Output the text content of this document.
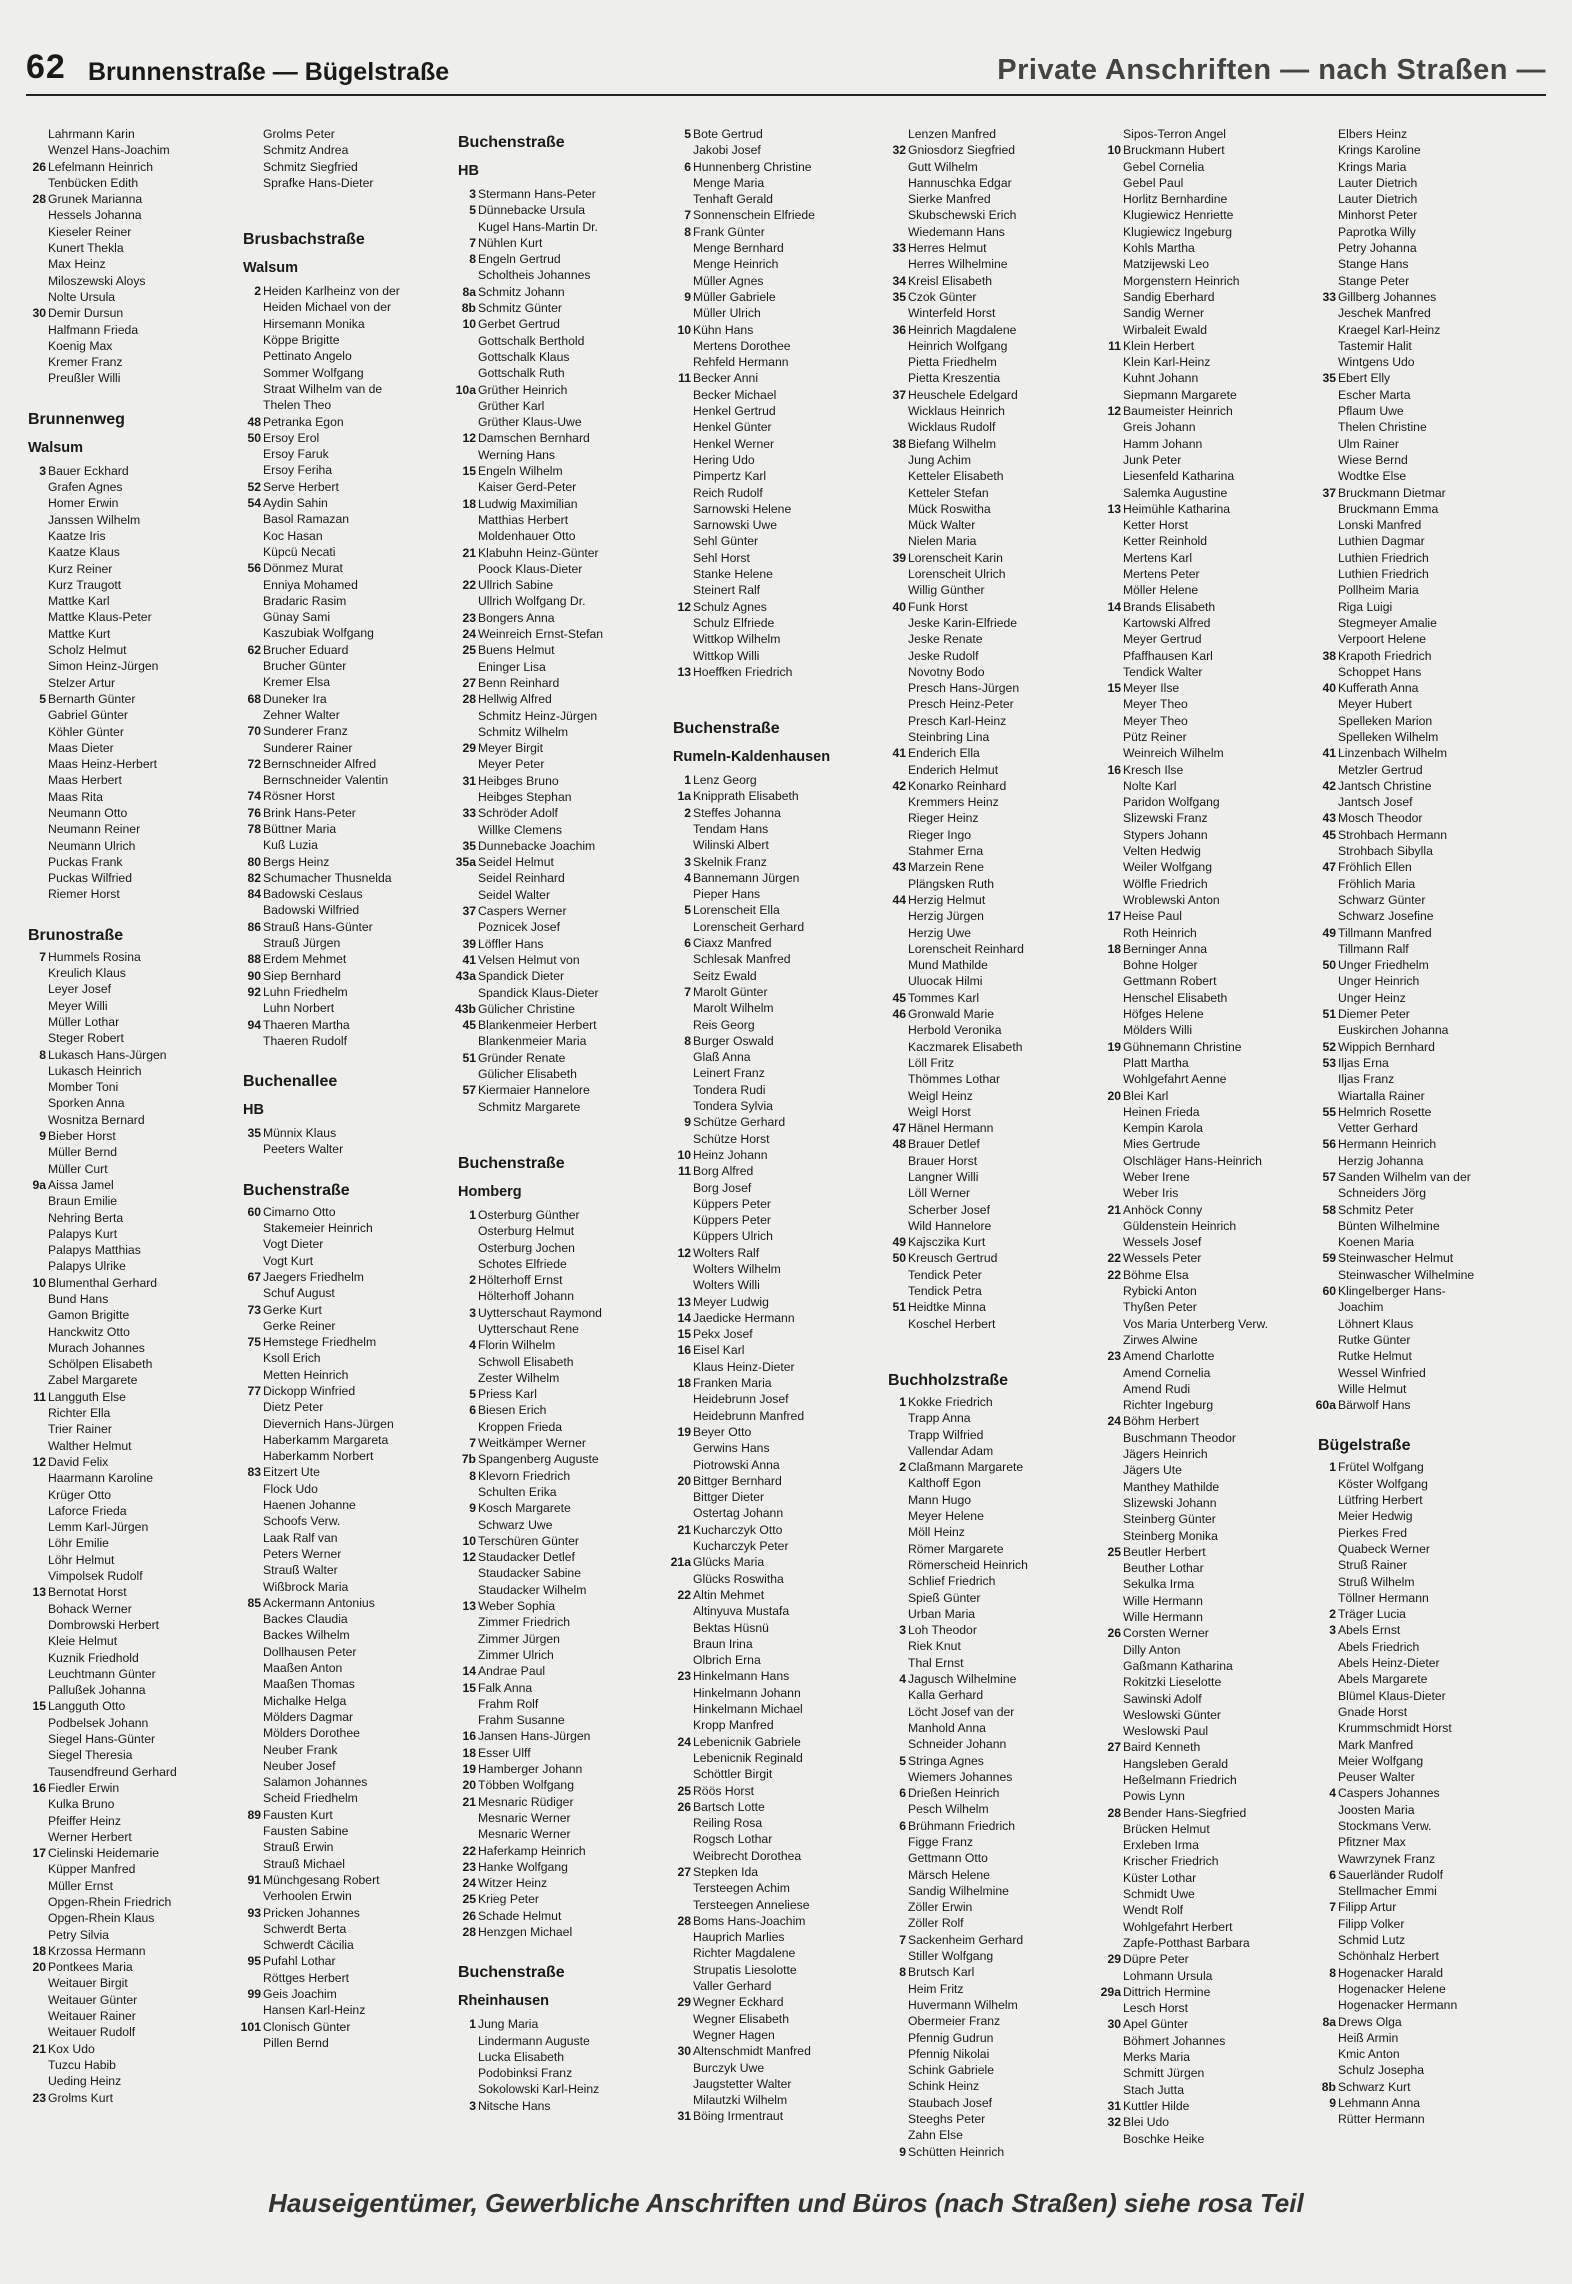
62 Brunnenstraße — Bügelstraße	Private Anschriften — nach Straßen —
Lahrmann Karin
Wenzel Hans-Joachim
26 Lefelmann Heinrich
Tenbücken Edith
28 Grunek Marianna
Hessels Johanna
Kieseler Reiner
Kunert Thekla
Max Heinz
Miloszewski Aloys
Nolte Ursula
30 Demir Dursun
Halfmann Frieda
Koenig Max
Kremer Franz
Preußler Willi
Brunnenweg
Walsum
3 Bauer Eckhard
Grafen Agnes
Homer Erwin
Janssen Wilhelm
Kaatze Iris
Kaatze Klaus
Kurz Reiner
Kurz Traugott
Mattke Karl
Mattke Klaus-Peter
Mattke Kurt
Scholz Helmut
Simon Heinz-Jürgen
Stelzer Artur
5 Bernarth Günter
Gabriel Günter
Köhler Günter
Maas Dieter
Maas Heinz-Herbert
Maas Herbert
Maas Rita
Neumann Otto
Neumann Reiner
Neumann Ulrich
Puckas Frank
Puckas Wilfried
Riemer Horst
Brunostraße
7 Hummels Rosina
Kreulich Klaus
Leyer Josef
Meyer Willi
Müller Lothar
Steger Robert
8 Lukasch Hans-Jürgen
Lukasch Heinrich
Momber Toni
Sporken Anna
Wosnitza Bernard
9 Bieber Horst
Müller Bernd
Müller Curt
9a Aissa Jamel
Braun Emilie
Nehring Berta
Palapys Kurt
Palapys Matthias
Palapys Ulrike
10 Blumenthal Gerhard
Bund Hans
Gamon Brigitte
Hanckwitz Otto
Murach Johannes
Schölpen Elisabeth
Zabel Margarete
11 Langguth Else
Richter Ella
Trier Rainer
Walther Helmut
12 David Felix
Haarmann Karoline
Krüger Otto
Laforce Frieda
Lemm Karl-Jürgen
Löhr Emilie
Löhr Helmut
Vimpolsek Rudolf
13 Bernotat Horst
Bohack Werner
Dombrowski Herbert
Kleie Helmut
Kuznik Friedhold
Leuchtmann Günter
Pallußek Johanna
15 Langguth Otto
Podbelsek Johann
Siegel Hans-Günter
Siegel Theresia
Tausendfreund Gerhard
16 Fiedler Erwin
Kulka Bruno
Pfeiffer Heinz
Werner Herbert
17 Cielinski Heidemarie
Küpper Manfred
Müller Ernst
Opgen-Rhein Friedrich
Opgen-Rhein Klaus
Petry Silvia
18 Krzossa Hermann
20 Pontkees Maria
Weitauer Birgit
Weitauer Günter
Weitauer Rainer
Weitauer Rudolf
21 Kox Udo
Tuzcu Habib
Ueding Heinz
23 Grolms Kurt
Grolms Peter
Schmitz Andrea
Schmitz Siegfried
Sprafke Hans-Dieter
Brusbachstraße
Walsum
2 Heiden Karlheinz von der
Heiden Michael von der
Hirsemann Monika
Köppe Brigitte
Pettinato Angelo
Sommer Wolfgang
Straat Wilhelm van de
Thelen Theo
48 Petranka Egon
50 Ersoy Erol
Ersoy Faruk
Ersoy Feriha
52 Serve Herbert
54 Aydin Sahin
Basol Ramazan
Koc Hasan
Küpcü Necati
56 Dönmez Murat
Enniya Mohamed
Bradaric Rasim
Günay Sami
Kaszubiak Wolfgang
62 Brucher Eduard
Brucher Günter
Kremer Elsa
68 Duneker Ira
Zehner Walter
70 Sunderer Franz
Sunderer Rainer
72 Bernschneider Alfred
Bernschneider Valentin
74 Rösner Horst
76 Brink Hans-Peter
78 Büttner Maria
Kuß Luzia
80 Bergs Heinz
82 Schumacher Thusnelda
84 Badowski Ceslaus
Badowski Wilfried
86 Strauß Hans-Günter
Strauß Jürgen
88 Erdem Mehmet
90 Siep Bernhard
92 Luhn Friedhelm
Luhn Norbert
94 Thaeren Martha
Thaeren Rudolf
Buchenallee
HB
35 Münnix Klaus
Peeters Walter
Buchenstraße
60 Cimarno Otto
Stakemeier Heinrich
Vogt Dieter
Vogt Kurt
67 Jaegers Friedhelm
Schuf August
73 Gerke Kurt
Gerke Reiner
75 Hemstege Friedhelm
Ksoll Erich
Metten Heinrich
77 Dickopp Winfried
Dietz Peter
Dievernich Hans-Jürgen
Haberkamm Margareta
Haberkamm Norbert
83 Eitzert Ute
Flock Udo
Haenen Johanne
Schoofs Verw.
Laak Ralf van
Peters Werner
Strauß Walter
Wißbrock Maria
85 Ackermann Antonius
Backes Claudia
Backes Wilhelm
Dollhausen Peter
Maaßen Anton
Maaßen Thomas
Michalke Helga
Mölders Dagmar
Mölders Dorothee
Neuber Frank
Neuber Josef
Salamon Johannes
Scheid Friedhelm
89 Fausten Kurt
Fausten Sabine
Strauß Erwin
Strauß Michael
91 Münchgesang Robert
Verhoolen Erwin
93 Pricken Johannes
Schwerdt Berta
Schwerdt Cäcilia
95 Pufahl Lothar
Röttges Herbert
99 Geis Joachim
Hansen Karl-Heinz
101 Clonisch Günter
Pillen Bernd
Buchenstraße
HB
3 Stermann Hans-Peter
5 Dünnebacke Ursula
Kugel Hans-Martin Dr.
7 Nühlen Kurt
8 Engeln Gertrud
Scholtheis Johannes
8a Schmitz Johann
8b Schmitz Günter
10 Gerbet Gertrud
Gottschalk Berthold
Gottschalk Klaus
Gottschalk Ruth
10a Grüther Heinrich
Grüther Karl
Grüther Klaus-Uwe
12 Damschen Bernhard
Werning Hans
15 Engeln Wilhelm
Kaiser Gerd-Peter
18 Ludwig Maximilian
Matthias Herbert
Moldenhauer Otto
21 Klabuhn Heinz-Günter
Poock Klaus-Dieter
22 Ullrich Sabine
Ullrich Wolfgang Dr.
23 Bongers Anna
24 Weinreich Ernst-Stefan
25 Buens Helmut
Eninger Lisa
27 Benn Reinhard
28 Hellwig Alfred
Schmitz Heinz-Jürgen
Schmitz Wilhelm
29 Meyer Birgit
Meyer Peter
31 Heibges Bruno
Heibges Stephan
33 Schröder Adolf
Willke Clemens
35 Dunnebacke Joachim
35a Seidel Helmut
Seidel Reinhard
Seidel Walter
37 Caspers Werner
Poznicek Josef
39 Löffler Hans
41 Velsen Helmut von
43a Spandick Dieter
Spandick Klaus-Dieter
43b Gülicher Christine
45 Blankenmeier Herbert
Blankenmeier Maria
51 Gründer Renate
Gülicher Elisabeth
57 Kiermaier Hannelore
Schmitz Margarete
Buchenstraße
Homberg
1 Osterburg Günther
Osterburg Helmut
Osterburg Jochen
Schotes Elfriede
2 Hölterhoff Ernst
Hölterhoff Johann
3 Uytterschaut Raymond
Uytterschaut Rene
4 Florin Wilhelm
Schwoll Elisabeth
Zester Wilhelm
5 Priess Karl
6 Biesen Erich
Kroppen Frieda
7 Weitkämper Werner
7b Spangenberg Auguste
8 Klevorn Friedrich
Schulten Erika
9 Kosch Margarete
Schwarz Uwe
10 Terschüren Günter
12 Staudacker Detlef
Staudacker Sabine
Staudacker Wilhelm
13 Weber Sophia
Zimmer Friedrich
Zimmer Jürgen
Zimmer Ulrich
14 Andrae Paul
15 Falk Anna
Frahm Rolf
Frahm Susanne
16 Jansen Hans-Jürgen
18 Esser Ulff
19 Hamberger Johann
20 Többen Wolfgang
21 Mesnaric Rüdiger
Mesnaric Werner
Mesnaric Werner
22 Haferkamp Heinrich
23 Hanke Wolfgang
24 Witzer Heinz
25 Krieg Peter
26 Schade Helmut
28 Henzgen Michael
Buchenstraße
Rheinhausen
1 Jung Maria
Lindermann Auguste
Lucka Elisabeth
Podobinksi Franz
Sokolowski Karl-Heinz
3 Nitsche Hans
5 Bote Gertrud
Jakobi Josef
6 Hunnenberg Christine
Menge Maria
Tenhaft Gerald
7 Sonnenschein Elfriede
8 Frank Günter
Menge Bernhard
Menge Heinrich
Müller Agnes
9 Müller Gabriele
Müller Ulrich
10 Kühn Hans
Mertens Dorothee
Rehfeld Hermann
11 Becker Anni
Becker Michael
Henkel Gertrud
Henkel Günter
Henkel Werner
Hering Udo
Pimpertz Karl
Reich Rudolf
Sarnowski Helene
Sarnowski Uwe
Sehl Günter
Sehl Horst
Stanke Helene
Steinert Ralf
12 Schulz Agnes
Schulz Elfriede
Wittkop Wilhelm
Wittkop Willi
13 Hoeffken Friedrich
Buchenstraße
Rumeln-Kaldenhausen
1 Lenz Georg
1a Knipprath Elisabeth
2 Steffes Johanna
Tendam Hans
Wilinski Albert
3 Skelnik Franz
4 Bannemann Jürgen
Pieper Hans
5 Lorenscheit Ella
Lorenscheit Gerhard
6 Ciaxz Manfred
Schlesak Manfred
Seitz Ewald
7 Marolt Günter
Marolt Wilhelm
Reis Georg
8 Burger Oswald
Glaß Anna
Leinert Franz
Tondera Rudi
Tondera Sylvia
9 Schütze Gerhard
Schütze Horst
10 Heinz Johann
11 Borg Alfred
Borg Josef
Küppers Peter
Küppers Peter
Küppers Ulrich
12 Wolters Ralf
Wolters Wilhelm
Wolters Willi
13 Meyer Ludwig
14 Jaedicke Hermann
15 Pekx Josef
16 Eisel Karl
Klaus Heinz-Dieter
18 Franken Maria
Heidebrunn Josef
Heidebrunn Manfred
19 Beyer Otto
Gerwins Hans
Piotrowski Anna
20 Bittger Bernhard
Bittger Dieter
Ostertag Johann
21 Kucharczyk Otto
Kucharczyk Peter
21a Glücks Maria
Glücks Roswitha
22 Altin Mehmet
Altinyuva Mustafa
Bektas Hüsnü
Braun Irina
Olbrich Erna
23 Hinkelmann Hans
Hinkelmann Johann
Hinkelmann Michael
Kropp Manfred
24 Lebenicnik Gabriele
Lebenicnik Reginald
Schöttler Birgit
25 Röös Horst
26 Bartsch Lotte
Reiling Rosa
Rogsch Lothar
Weibrecht Dorothea
27 Stepken Ida
Tersteegen Achim
Tersteegen Anneliese
28 Boms Hans-Joachim
Hauprich Marlies
Richter Magdalene
Strupatis Liesolotte
Valler Gerhard
29 Wegner Eckhard
Wegner Elisabeth
Wegner Hagen
30 Altenschmidt Manfred
Burczyk Uwe
Jaugstetter Walter
Milautzki Wilhelm
31 Böing Irmentraut
Lenzen Manfred
32 Gniosdorz Siegfried
Gutt Wilhelm
Hannuschka Edgar
Sierke Manfred
Skubschewski Erich
Wiedemann Hans
33 Herres Helmut
Herres Wilhelmine
34 Kreisl Elisabeth
35 Czok Günter
Winterfeld Horst
36 Heinrich Magdalene
Heinrich Wolfgang
Pietta Friedhelm
Pietta Kreszentia
37 Heuschele Edelgard
Wicklaus Heinrich
Wicklaus Rudolf
38 Biefang Wilhelm
Jung Achim
Ketteler Elisabeth
Ketteler Stefan
Mück Roswitha
Mück Walter
Nielen Maria
39 Lorenscheit Karin
Lorenscheit Ulrich
Willig Günther
40 Funk Horst
Jeske Karin-Elfriede
Jeske Renate
Jeske Rudolf
Novotny Bodo
Presch Hans-Jürgen
Presch Heinz-Peter
Presch Karl-Heinz
Steinbring Lina
41 Enderich Ella
Enderich Helmut
42 Konarko Reinhard
Kremmers Heinz
Rieger Heinz
Rieger Ingo
Stahmer Erna
43 Marzein Rene
Plängsken Ruth
44 Herzig Helmut
Herzig Jürgen
Herzig Uwe
Lorenscheit Reinhard
Mund Mathilde
Uluocak Hilmi
45 Tommes Karl
46 Gronwald Marie
Herbold Veronika
Kaczmarek Elisabeth
Löll Fritz
Thömmes Lothar
Weigl Heinz
Weigl Horst
47 Hänel Hermann
48 Brauer Detlef
Brauer Horst
Langner Willi
Löll Werner
Scherber Josef
Wild Hannelore
49 Kajsczika Kurt
50 Kreusch Gertrud
Tendick Peter
Tendick Petra
51 Heidtke Minna
Koschel Herbert
Buchholzstraße
1 Kokke Friedrich
Trapp Anna
Trapp Wilfried
Vallendar Adam
2 Claßmann Margarete
Kalthoff Egon
Mann Hugo
Meyer Helene
Möll Heinz
Römer Margarete
Römerscheid Heinrich
Schlief Friedrich
Spieß Günter
Urban Maria
3 Loh Theodor
Riek Knut
Thal Ernst
4 Jagusch Wilhelmine
Kalla Gerhard
Löcht Josef van der
Manhold Anna
Schneider Johann
5 Stringa Agnes
Wiemers Johannes
6 Drießen Heinrich
Pesch Wilhelm
6 Brühmann Friedrich
Figge Franz
Gettmann Otto
Märsch Helene
Sandig Wilhelmine
Zöller Erwin
Zöller Rolf
7 Sackenheim Gerhard
Stiller Wolfgang
8 Brutsch Karl
Heim Fritz
Huvermann Wilhelm
Obermeier Franz
Pfennig Gudrun
Pfennig Nikolai
Schink Gabriele
Schink Heinz
Staubach Josef
Steeghs Peter
Zahn Else
9 Schütten Heinrich
Sipos-Terron Angel
10 Bruckmann Hubert
Gebel Cornelia
Gebel Paul
Horlitz Bernhardine
Klugiewicz Henriette
Klugiewicz Ingeburg
Kohls Martha
Matzijewski Leo
Morgenstern Heinrich
Sandig Eberhard
Sandig Werner
Wirbaleit Ewald
11 Klein Herbert
Klein Karl-Heinz
Kuhnt Johann
Siepmann Margarete
12 Baumeister Heinrich
Greis Johann
Hamm Johann
Junk Peter
Liesenfeld Katharina
Salemka Augustine
13 Heimühle Katharina
Ketter Horst
Ketter Reinhold
Mertens Karl
Mertens Peter
Möller Helene
14 Brands Elisabeth
Kartowski Alfred
Meyer Gertrud
Pfaffhausen Karl
Tendick Walter
15 Meyer Ilse
Meyer Theo
Meyer Theo
Pütz Reiner
Weinreich Wilhelm
16 Kresch Ilse
Nolte Karl
Paridon Wolfgang
Slizewski Franz
Stypers Johann
Velten Hedwig
Weiler Wolfgang
Wölfle Friedrich
Wroblewski Anton
17 Heise Paul
Roth Heinrich
18 Berninger Anna
Bohne Holger
Gettmann Robert
Henschel Elisabeth
Höfges Helene
Mölders Willi
19 Gühnemann Christine
Platt Martha
Wohlgefahrt Aenne
20 Blei Karl
Heinen Frieda
Kempin Karola
Mies Gertrude
Olschläger Hans-Heinrich
Weber Irene
Weber Iris
21 Anhöck Conny
Güldenstein Heinrich
Wessels Josef
22 Wessels Peter
22 Böhme Elsa
Rybicki Anton
Thyßen Peter
Vos Maria Unterberg Verw.
Zirwes Alwine
23 Amend Charlotte
Amend Cornelia
Amend Rudi
Richter Ingeburg
24 Böhm Herbert
Buschmann Theodor
Jägers Heinrich
Jägers Ute
Manthey Mathilde
Slizewski Johann
Steinberg Günter
Steinberg Monika
25 Beutler Herbert
Beuther Lothar
Sekulka Irma
Wille Hermann
Wille Hermann
26 Corsten Werner
Dilly Anton
Gaßmann Katharina
Rokitzki Lieselotte
Sawinski Adolf
Weslowski Günter
Weslowski Paul
27 Baird Kenneth
Hangsleben Gerald
Heßelmann Friedrich
Powis Lynn
28 Bender Hans-Siegfried
Brücken Helmut
Erxleben Irma
Krischer Friedrich
Küster Lothar
Schmidt Uwe
Wendt Rolf
Wohlgefahrt Herbert
Zapfe-Potthast Barbara
29 Düpre Peter
Lohmann Ursula
29a Dittrich Hermine
Lesch Horst
30 Apel Günter
Böhmert Johannes
Merks Maria
Schmitt Jürgen
Stach Jutta
31 Kuttler Hilde
32 Blei Udo
Boschke Heike
Elbers Heinz
Krings Karoline
Krings Maria
Lauter Dietrich
Lauter Dietrich
Minhorst Peter
Paprotka Willy
Petry Johanna
Stange Hans
Stange Peter
33 Gillberg Johannes
Jeschek Manfred
Kraegel Karl-Heinz
Tastemir Halit
Wintgens Udo
35 Ebert Elly
Escher Marta
Pflaum Uwe
Thelen Christine
Ulm Rainer
Wiese Bernd
Wodtke Else
37 Bruckmann Dietmar
Bruckmann Emma
Lonski Manfred
Luthien Dagmar
Luthien Friedrich
Luthien Friedrich
Pollheim Maria
Riga Luigi
Stegmeyer Amalie
Verpoort Helene
38 Krapoth Friedrich
Schoppet Hans
40 Kufferath Anna
Meyer Hubert
Spelleken Marion
Spelleken Wilhelm
41 Linzenbach Wilhelm
Metzler Gertrud
42 Jantsch Christine
Jantsch Josef
43 Mosch Theodor
45 Strohbach Hermann
Strohbach Sibylla
47 Fröhlich Ellen
Fröhlich Maria
Schwarz Günter
Schwarz Josefine
49 Tillmann Manfred
Tillmann Ralf
50 Unger Friedhelm
Unger Heinrich
Unger Heinz
51 Diemer Peter
Euskirchen Johanna
52 Wippich Bernhard
53 Iljas Erna
Iljas Franz
Wiartalla Rainer
55 Helmrich Rosette
Vetter Gerhard
56 Hermann Heinrich
Herzig Johanna
57 Sanden Wilhelm van der
Schneiders Jörg
58 Schmitz Peter
Bünten Wilhelmine
Koenen Maria
59 Steinwascher Helmut
Steinwascher Wilhelmine
60 Klingelberger Hans-
Joachim
Löhnert Klaus
Rutke Günter
Rutke Helmut
Wessel Winfried
Wille Helmut
60a Bärwolf Hans
Bügelstraße
1 Frütel Wolfgang
Köster Wolfgang
Lütfring Herbert
Meier Hedwig
Pierkes Fred
Quabeck Werner
Struß Rainer
Struß Wilhelm
Töllner Hermann
2 Träger Lucia
3 Abels Ernst
Abels Friedrich
Abels Heinz-Dieter
Abels Margarete
Blümel Klaus-Dieter
Gnade Horst
Krummschmidt Horst
Mark Manfred
Meier Wolfgang
Peuser Walter
4 Caspers Johannes
Joosten Maria
Stockmans Verw.
Pfitzner Max
Wawrzynek Franz
6 Sauerländer Rudolf
Stellmacher Emmi
7 Filipp Artur
Filipp Volker
Schmid Lutz
Schönhalz Herbert
8 Hogenacker Harald
Hogenacker Helene
Hogenacker Hermann
8a Drews Olga
Heiß Armin
Kmic Anton
Schulz Josepha
8b Schwarz Kurt
9 Lehmann Anna
Rütter Hermann
Hauseigentümer, Gewerbliche Anschriften und Büros (nach Straßen) siehe rosa Teil
